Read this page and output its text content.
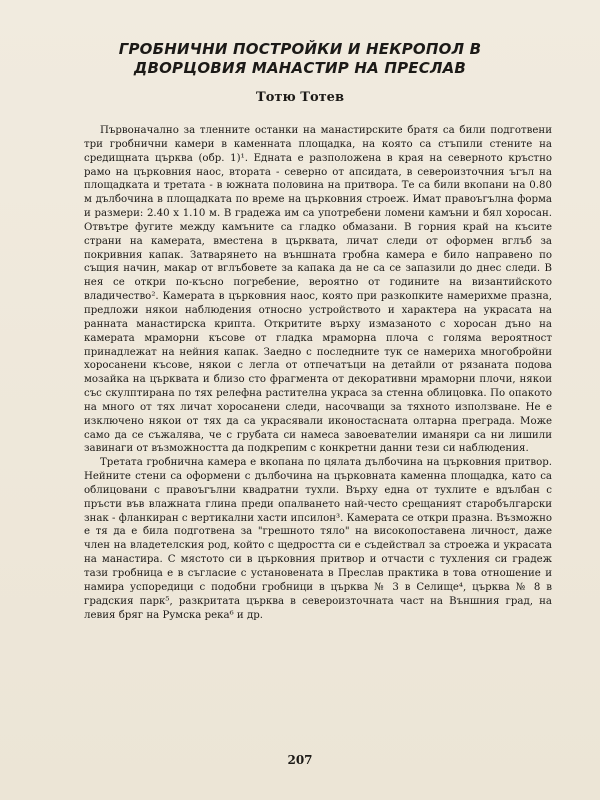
ГРОБНИЧНИ ПОСТРОЙКИ И НЕКРОПОЛ В
ДВОРЦОВИЯ МАНАСТИР НА ПРЕСЛАВ
Тотю Тотев

Първоначално за тленните останки на манастирските братя са били подготвени три гробнични камери в каменната площадка, на която са стъпили стените на средищната църква (обр. 1)¹. Едната е разположена в края на северното кръстно рамо на църковния наос, втората - северно от апсидата, в североизточния ъгъл на площадката и третата - в южната половина на притвора. Те са били вкопани на 0.80 м дълбочина в площадката по време на църковния строеж. Имат правоъгълна форма и размери: 2.40 х 1.10 м. В градежа им са употребени ломени камъни и бял хоросан. Отвътре фугите между камъните са гладко обмазани. В горния край на късите страни на камерата, вместена в църквата, личат следи от оформен вглъб за покривния капак. Затварянето на външната гробна камера е било направено по същия начин, макар от вглъбовете за капака да не са се запазили до днес следи. В нея се откри по-късно погребение, вероятно от годините на византийското владичество². Камерата в църковния наос, която при разкопките намерихме празна, предложи някои наблюдения относно устройството и характера на украсата на ранната манастирска крипта. Откритите върху измазаното с хоросан дъно на камерата мраморни късове от гладка мраморна плоча с голяма вероятност принадлежат на нейния капак. Заедно с последните тук се намериха многобройни хоросанени късове, някои с легла от отпечатъци на детайли от рязаната подова мозайка на църквата и близо сто фрагмента от декоративни мраморни плочи, някои със скулптирана по тях релефна растителна украса за стенна облицовка. По опакото на много от тях личат хоросанени следи, насочващи за тяхното използване. Не е изключено някои от тях да са украсявали иконостасната олтарна преграда. Може само да се съжалява, че с грубата си намеса завоевателии иманяри са ни лишили завинаги от възможността да подкрепим с конкретни данни тези си наблюдения.

Третата гробнична камера е вкопана по цялата дълбочина на църковния притвор. Нейните стени са оформени с дълбочина на църковната каменна площадка, като са облицовани с правоъгълни квадратни тухли. Върху една от тухлите е вдълбан с пръсти във влажната глина преди опалването най-често срещаният старобългарски знак - фланкиран с вертикални хасти ипсилон³. Камерата се откри празна. Възможно е тя да е била подготвена за "грешното тяло" на високопоставена личност, даже член на владетелския род, който с щедростта си е съдействал за строежа и украсата на манастира. С мястото си в църковния притвор и отчасти с тухления си градеж тази гробница е в съгласие с установената в Преслав практика в това отношение и намира успоредици с подобни гробници в църква № 3 в Селище⁴, църква № 8 в градския парк⁵, разкритата църква в североизточната част на Външния град, на левия бряг на Румска река⁶ и др.

207
